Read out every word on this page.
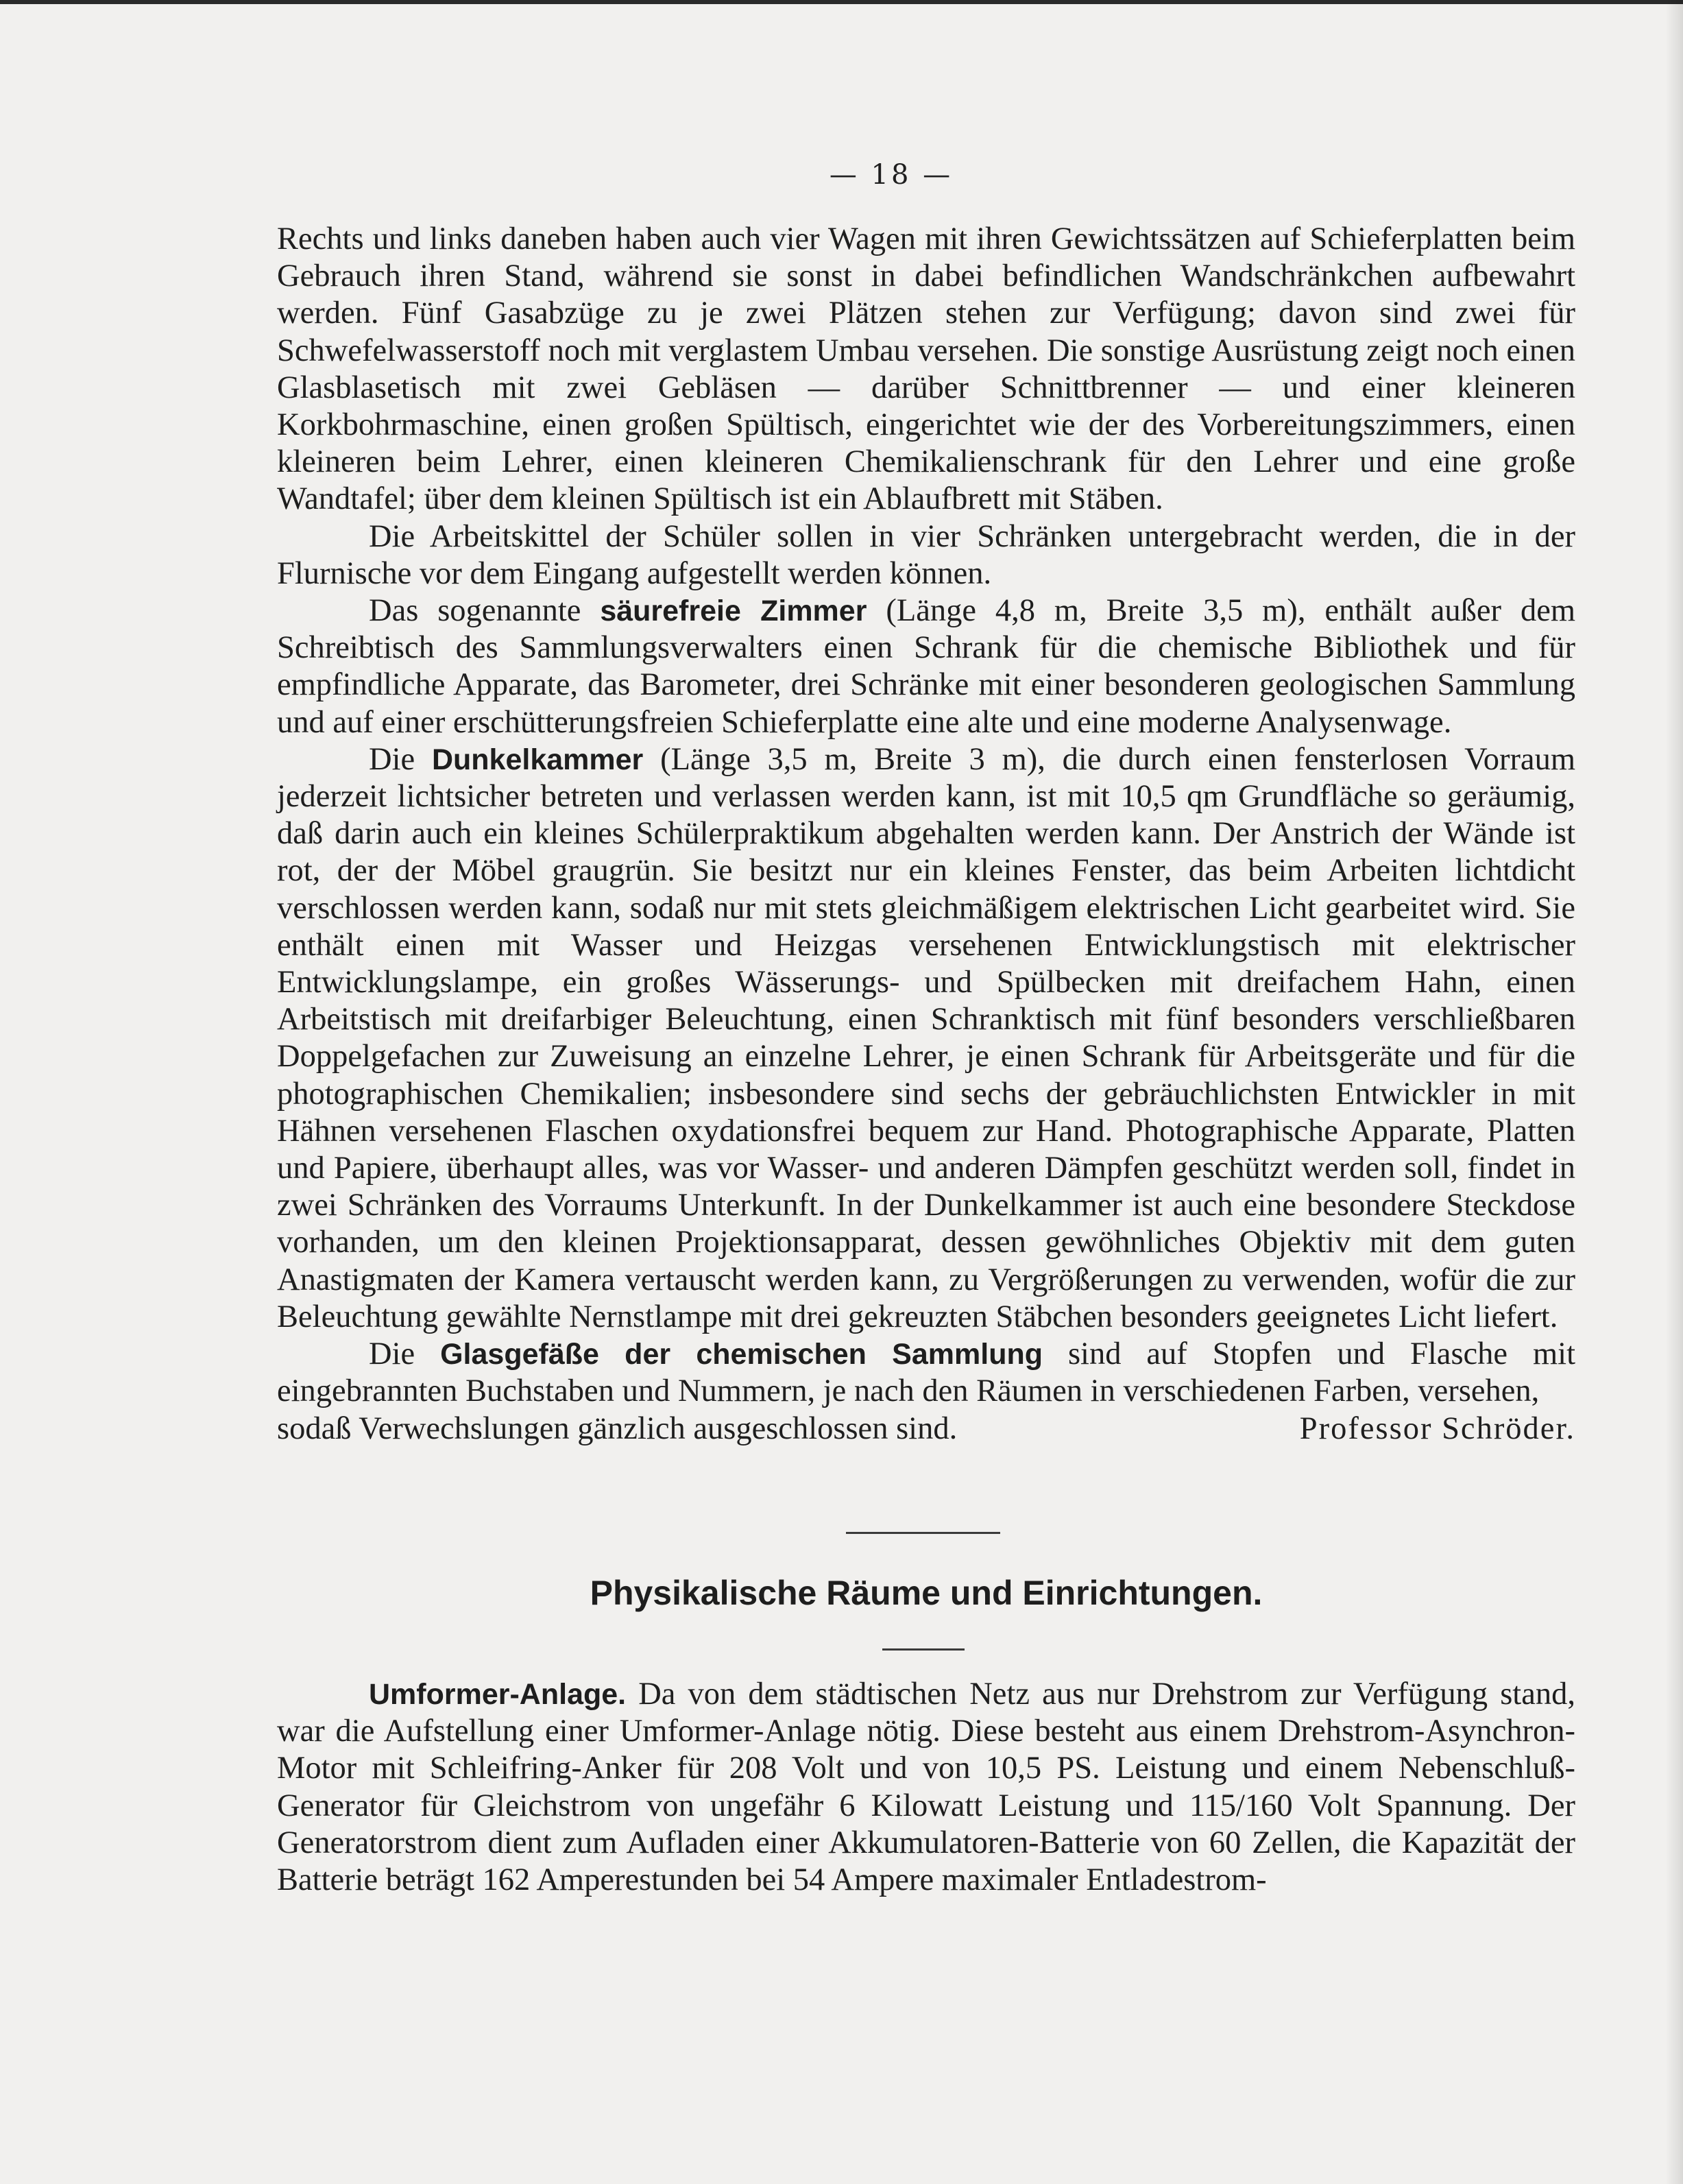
— 18 —

Rechts und links daneben haben auch vier Wagen mit ihren Gewichtssätzen auf Schieferplatten beim Gebrauch ihren Stand, während sie sonst in dabei befindlichen Wandschränkchen aufbewahrt werden. Fünf Gasabzüge zu je zwei Plätzen stehen zur Verfügung; davon sind zwei für Schwefelwasserstoff noch mit verglastem Umbau versehen. Die sonstige Ausrüstung zeigt noch einen Glasblasetisch mit zwei Gebläsen — darüber Schnittbrenner — und einer kleineren Korkbohrmaschine, einen großen Spültisch, eingerichtet wie der des Vorbereitungszimmers, einen kleineren beim Lehrer, einen kleineren Chemikalienschrank für den Lehrer und eine große Wandtafel; über dem kleinen Spültisch ist ein Ablaufbrett mit Stäben.

Die Arbeitskittel der Schüler sollen in vier Schränken untergebracht werden, die in der Flurnische vor dem Eingang aufgestellt werden können.

Das sogenannte säurefreie Zimmer (Länge 4,8 m, Breite 3,5 m), enthält außer dem Schreibtisch des Sammlungsverwalters einen Schrank für die chemische Bibliothek und für empfindliche Apparate, das Barometer, drei Schränke mit einer besonderen geologischen Sammlung und auf einer erschütterungsfreien Schieferplatte eine alte und eine moderne Analysenwage.

Die Dunkelkammer (Länge 3,5 m, Breite 3 m), die durch einen fensterlosen Vorraum jederzeit lichtsicher betreten und verlassen werden kann, ist mit 10,5 qm Grundfläche so geräumig, daß darin auch ein kleines Schülerpraktikum abgehalten werden kann. Der Anstrich der Wände ist rot, der der Möbel graugrün. Sie besitzt nur ein kleines Fenster, das beim Arbeiten lichtdicht verschlossen werden kann, sodaß nur mit stets gleichmäßigem elektrischen Licht gearbeitet wird. Sie enthält einen mit Wasser und Heizgas versehenen Entwicklungstisch mit elektrischer Entwicklungslampe, ein großes Wässerungs- und Spülbecken mit dreifachem Hahn, einen Arbeitstisch mit dreifarbiger Beleuchtung, einen Schranktisch mit fünf besonders verschließbaren Doppelgefachen zur Zuweisung an einzelne Lehrer, je einen Schrank für Arbeitsgeräte und für die photographischen Chemikalien; insbesondere sind sechs der gebräuchlichsten Entwickler in mit Hähnen versehenen Flaschen oxydationsfrei bequem zur Hand. Photographische Apparate, Platten und Papiere, überhaupt alles, was vor Wasser- und anderen Dämpfen geschützt werden soll, findet in zwei Schränken des Vorraums Unterkunft. In der Dunkelkammer ist auch eine besondere Steckdose vorhanden, um den kleinen Projektionsapparat, dessen gewöhnliches Objektiv mit dem guten Anastigmaten der Kamera vertauscht werden kann, zu Vergrößerungen zu verwenden, wofür die zur Beleuchtung gewählte Nernstlampe mit drei gekreuzten Stäbchen besonders geeignetes Licht liefert.

Die Glasgefäße der chemischen Sammlung sind auf Stopfen und Flasche mit eingebrannten Buchstaben und Nummern, je nach den Räumen in verschiedenen Farben, versehen,

sodaß Verwechslungen gänzlich ausgeschlossen sind.	Professor Schröder.
Physikalische Räume und Einrichtungen.

Umformer-Anlage. Da von dem städtischen Netz aus nur Drehstrom zur Verfügung stand, war die Aufstellung einer Umformer-Anlage nötig. Diese besteht aus einem Drehstrom-Asynchron-Motor mit Schleifring-Anker für 208 Volt und von 10,5 PS. Leistung und einem Nebenschluß-Generator für Gleichstrom von ungefähr 6 Kilowatt Leistung und 115/160 Volt Spannung. Der Generatorstrom dient zum Aufladen einer Akkumulatoren-Batterie von 60 Zellen, die Kapazität der Batterie beträgt 162 Amperestunden bei 54 Ampere maximaler Entladestrom-
